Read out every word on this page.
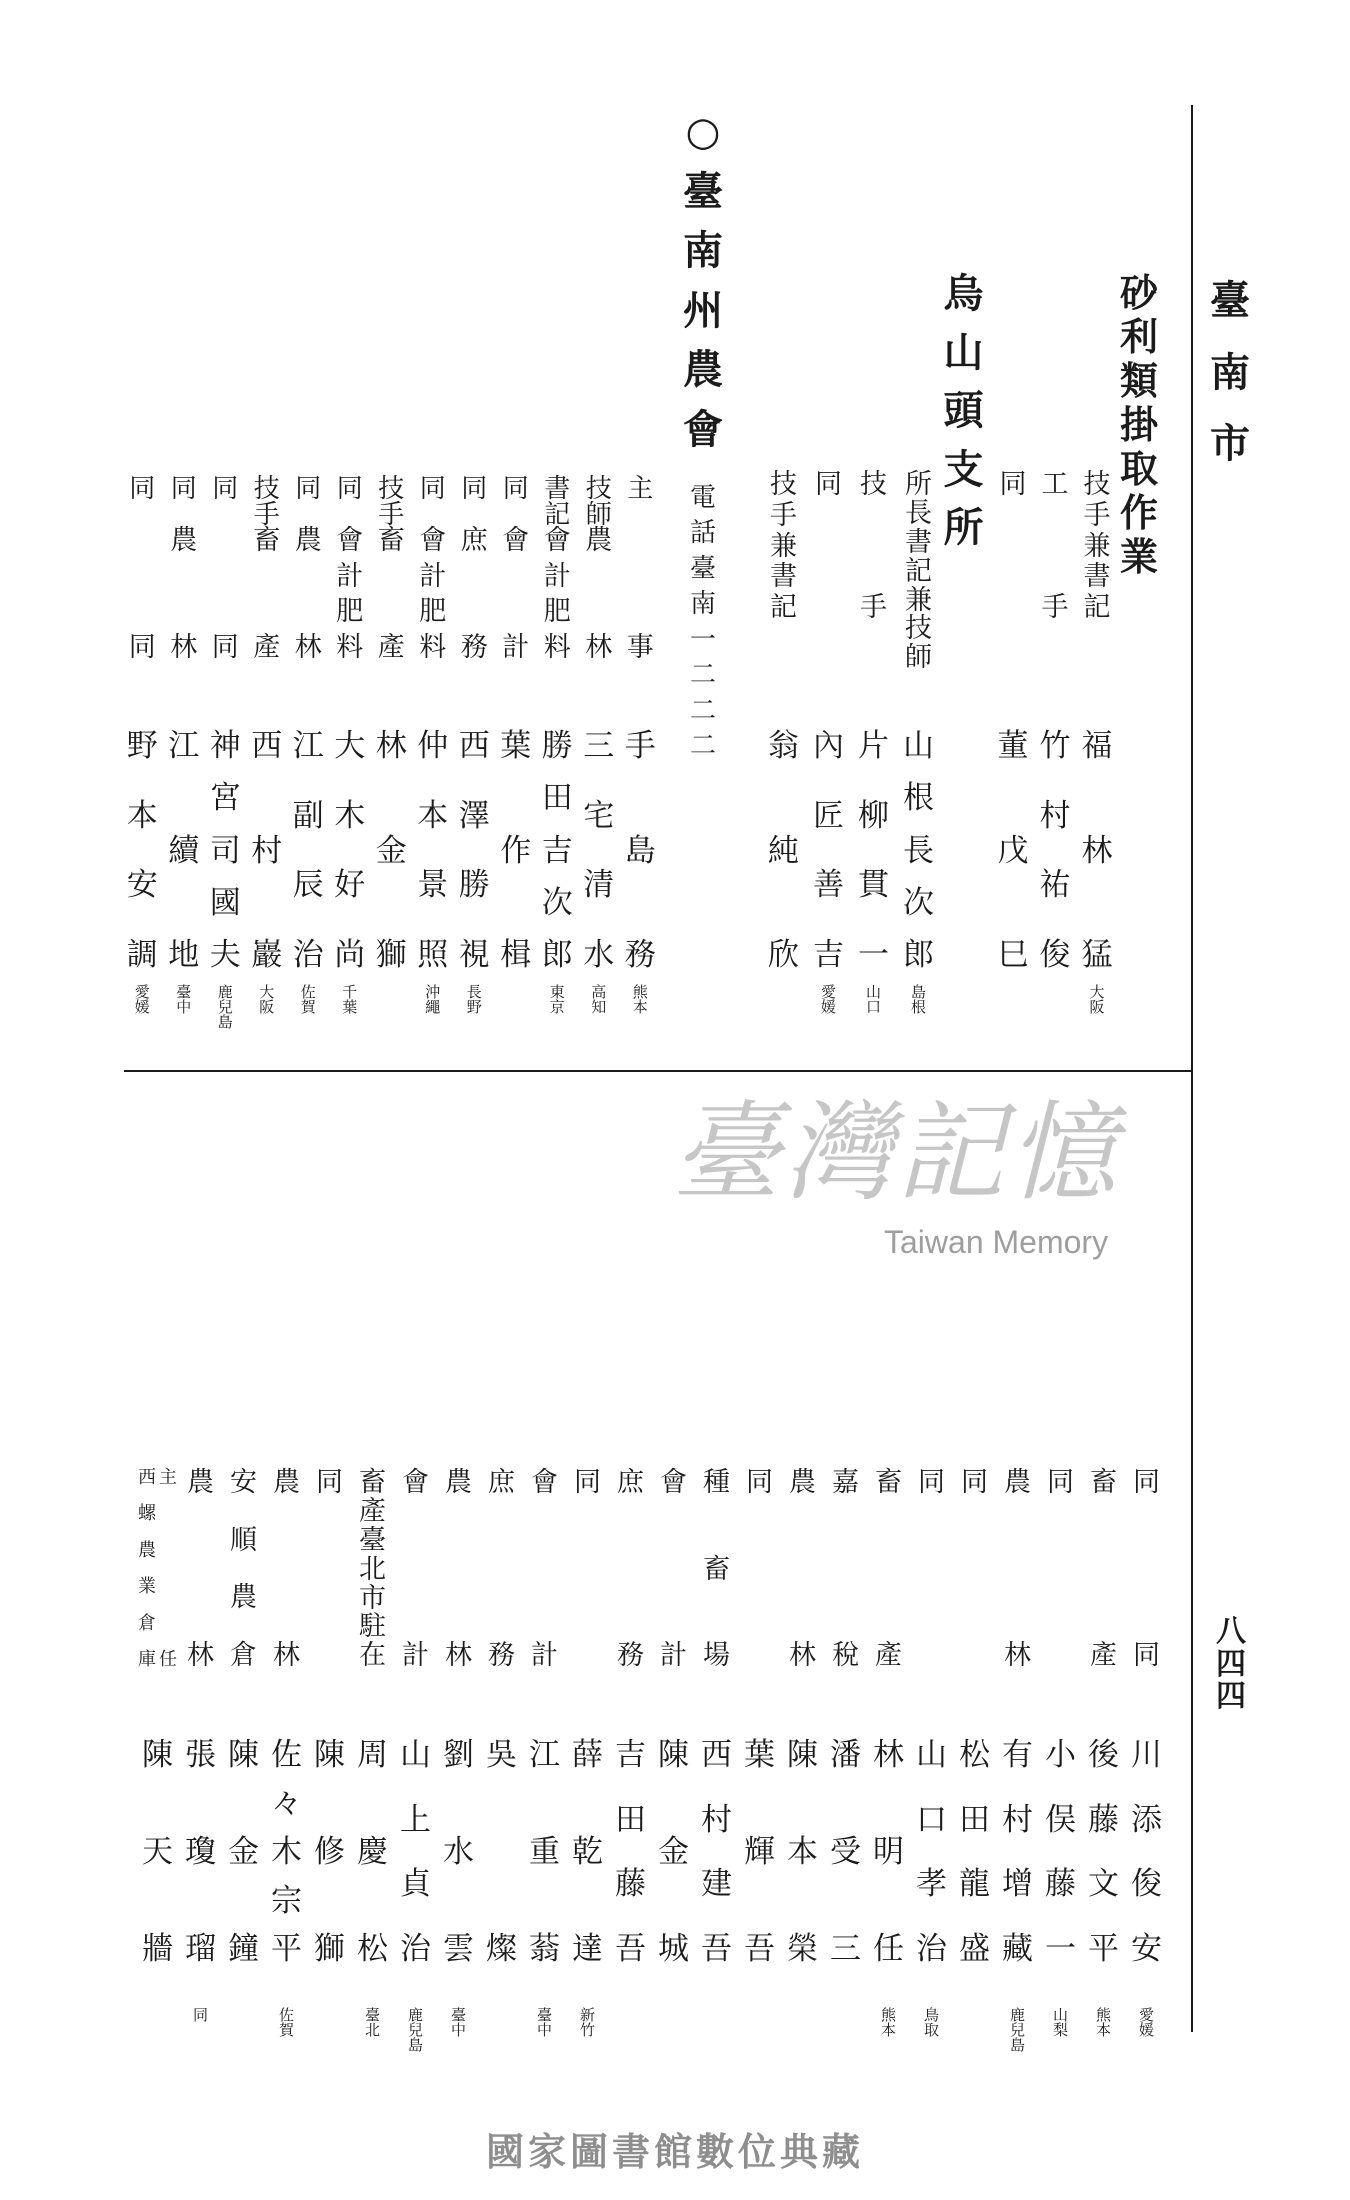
臺
南
市
八
四
四
砂
利
類
掛
取
作
業
技
手
兼
書
記
福
林
猛
大
阪
工
手
竹
村
祐
俊
同
董
戊
巳
烏
山
頭
支
所
所
長
書
記
兼
技
師
山
根
長
次
郎
島
根
技
手
片
柳
貫
一
山
口
同
內
匠
善
吉
愛
媛
技
手
兼
書
記
翁
純
欣
○
臺
南
州
農
會
電
話
臺
南
一
二
二
二
主
事
手
島
務
熊
本
技
師
農
林
三
宅
清
水
高
知
書
記
會
計
肥
料
勝
田
吉
次
郎
東
京
同
會
計
葉
作
楫
同
庶
務
西
澤
勝
視
長
野
同
會
計
肥
料
仲
本
景
照
沖
繩
技
手
畜
產
林
金
獅
同
會
計
肥
料
大
木
好
尚
千
葉
同
農
林
江
副
辰
治
佐
賀
技
手
畜
產
西
村
巖
大
阪
同
同
神
宮
司
國
夫
鹿
兒
島
同
農
林
江
續
地
臺
中
同
同
野
本
安
調
愛
媛
同
同
川
添
俊
安
愛
媛
畜
產
後
藤
文
平
熊
本
同
小
俣
藤
一
山
梨
農
林
有
村
增
藏
鹿
兒
島
同
松
田
龍
盛
同
山
口
孝
治
鳥
取
畜
產
林
明
任
熊
本
嘉
稅
潘
受
三
農
林
陳
本
榮
同
葉
輝
吾
種
畜
場
西
村
建
吾
會
計
陳
金
城
庶
務
吉
田
藤
吾
同
薛
乾
達
新
竹
會
計
江
重
蓊
臺
中
庶
務
吳
燦
農
林
劉
水
雲
臺
中
會
計
山
上
貞
治
鹿
兒
島
畜
產
臺
北
市
駐
在
周
慶
松
臺
北
同
陳
修
獅
農
林
佐
々
木
宗
平
佐
賀
安
順
農
倉
陳
金
鐘
農
林
張
瓊
瑠
同
主
任
西
螺
農
業
倉
庫
陳
天
牆
臺灣記憶
Taiwan Memory
國家圖書館數位典藏
